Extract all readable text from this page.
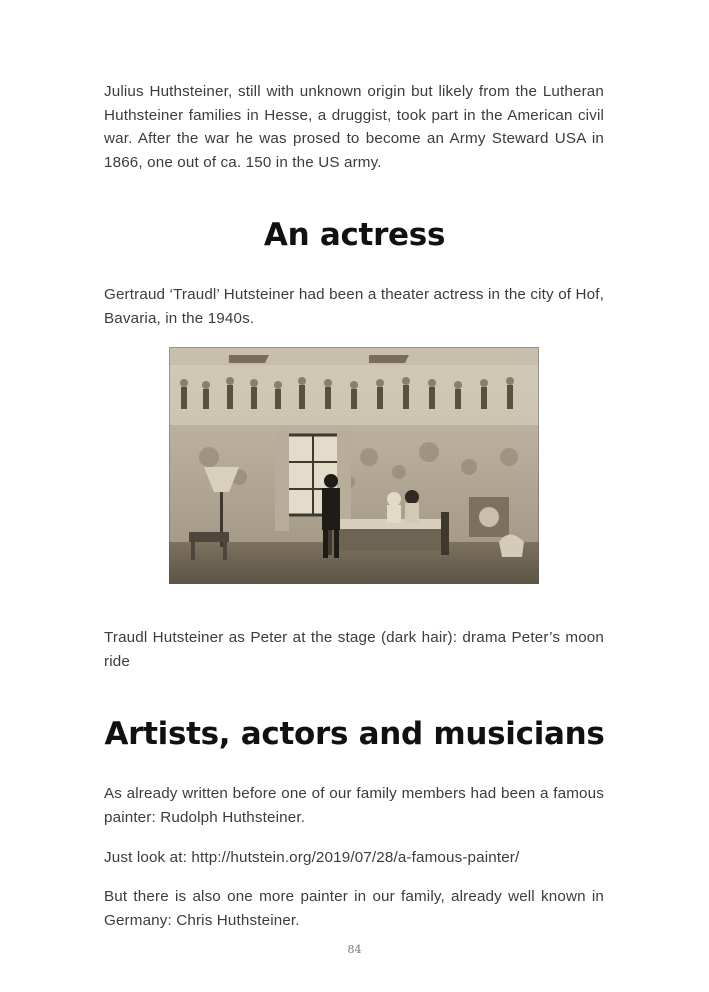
Julius Huthsteiner, still with unknown origin but likely from the Lutheran Huthsteiner families in Hesse, a druggist, took part in the American civil war. After the war he was prosed to become an Army Steward USA in 1866, one out of ca. 150 in the US army.

An actress

Gertraud ‘Traudl’ Hutsteiner had been a theater actress in the city of Hof, Bavaria, in the 1940s.

Traudl Hutsteiner as Peter at the stage (dark hair): drama Peter’s moon ride

Artists, actors and musicians

As already written before one of our family members had been a famous painter: Rudolph Huthsteiner.

Just look at: http://hutstein.org/2019/07/28/a-famous-painter/

But there is also one more painter in our family, already well known in Germany: Chris Huthsteiner.

84
